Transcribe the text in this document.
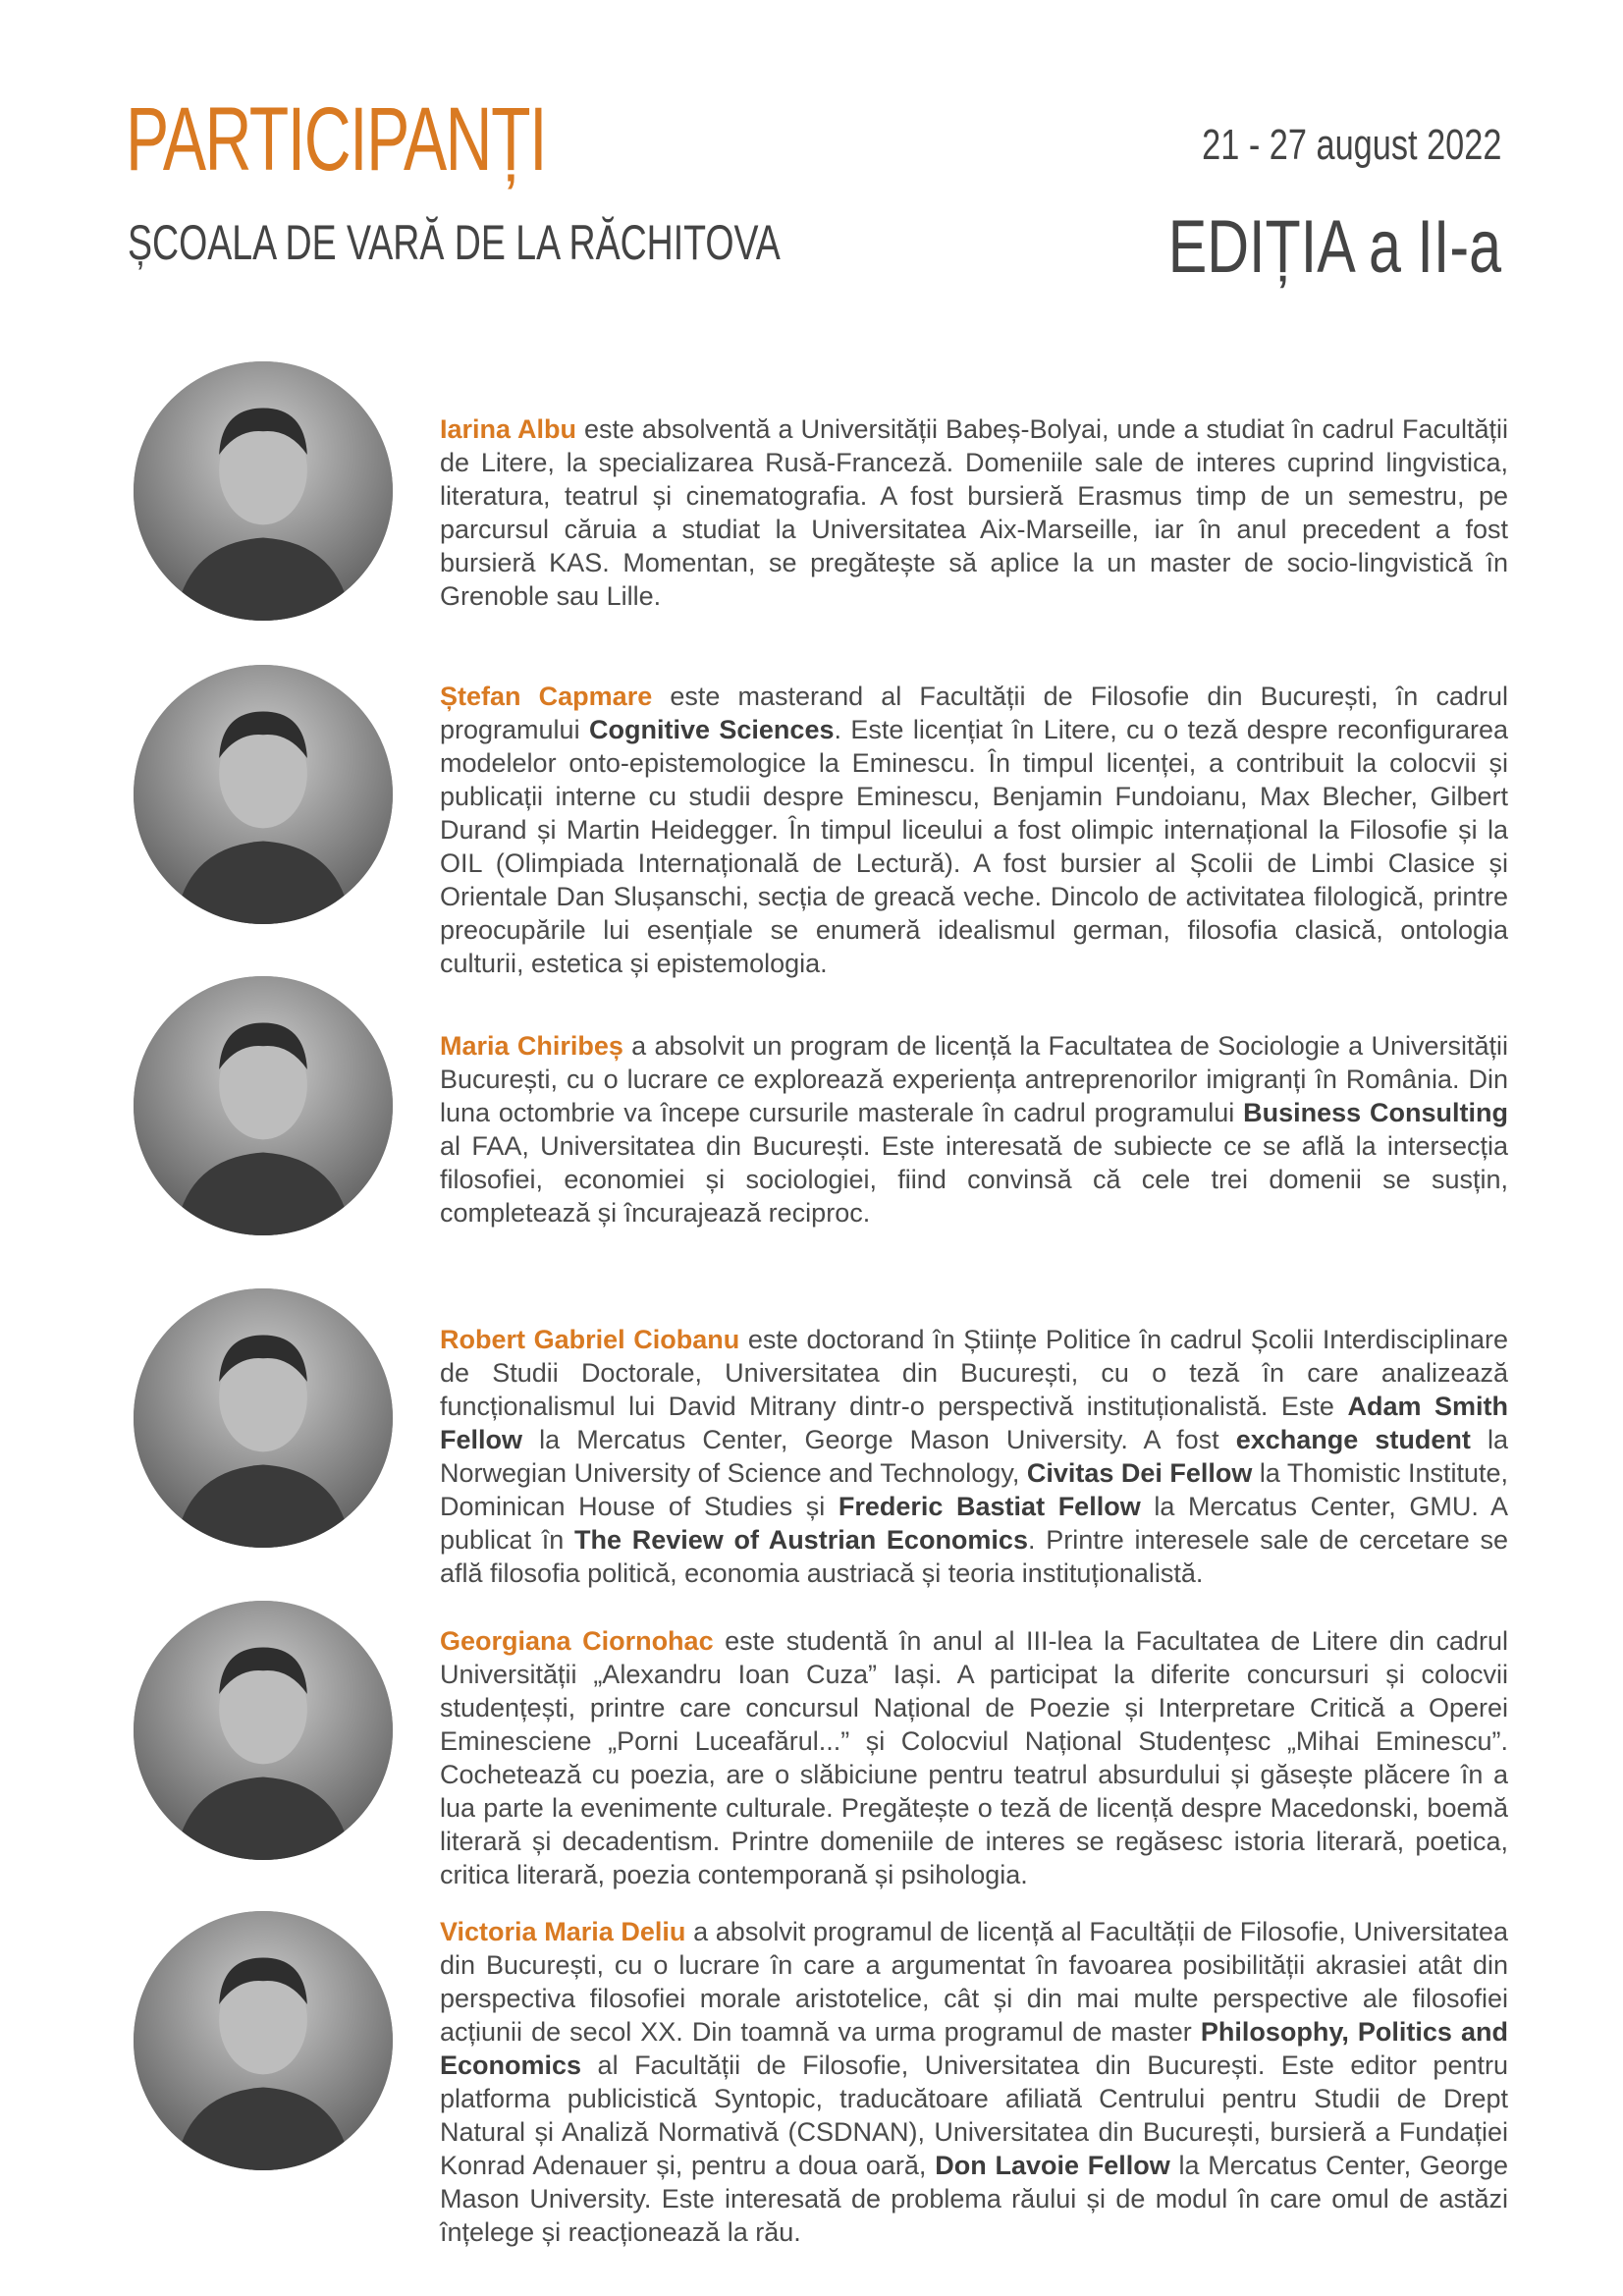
PARTICIPANȚI
ȘCOALA DE VARĂ DE LA RĂCHITOVA
21 - 27 august 2022
EDIȚIA a II-a

Iarina Albu este absolventă a Universității Babeș-Bolyai, unde a studiat în cadrul Facultății de Litere, la specializarea Rusă-Franceză. Domeniile sale de interes cuprind lingvistica, literatura, teatrul și cinematografia. A fost bursieră Erasmus timp de un semestru, pe parcursul căruia a studiat la Universitatea Aix-Marseille, iar în anul precedent a fost bursieră KAS. Momentan, se pregătește să aplice la un master de socio-lingvistică în Grenoble sau Lille.

Ștefan Capmare este masterand al Facultății de Filosofie din București, în cadrul programului Cognitive Sciences. Este licențiat în Litere, cu o teză despre reconfigurarea modelelor onto-epistemologice la Eminescu. În timpul licenței, a contribuit la colocvii și publicații interne cu studii despre Eminescu, Benjamin Fundoianu, Max Blecher, Gilbert Durand și Martin Heidegger. În timpul liceului a fost olimpic internațional la Filosofie și la OIL (Olimpiada Internațională de Lectură). A fost bursier al Școlii de Limbi Clasice și Orientale Dan Slușanschi, secția de greacă veche. Dincolo de activitatea filologică, printre preocupările lui esențiale se enumeră idealismul german, filosofia clasică, ontologia culturii, estetica și epistemologia.

Maria Chiribeș a absolvit un program de licență la Facultatea de Sociologie a Universității București, cu o lucrare ce explorează experiența antreprenorilor imigranți în România. Din luna octombrie va începe cursurile masterale în cadrul programului Business Consulting al FAA, Universitatea din București. Este interesată de subiecte ce se află la intersecția filosofiei, economiei și sociologiei, fiind convinsă că cele trei domenii se susțin, completează și încurajează reciproc.

Robert Gabriel Ciobanu este doctorand în Științe Politice în cadrul Școlii Interdisciplinare de Studii Doctorale, Universitatea din București, cu o teză în care analizează funcționalismul lui David Mitrany dintr-o perspectivă instituționalistă. Este Adam Smith Fellow la Mercatus Center, George Mason University. A fost exchange student la Norwegian University of Science and Technology, Civitas Dei Fellow la Thomistic Institute, Dominican House of Studies și Frederic Bastiat Fellow la Mercatus Center, GMU. A publicat în The Review of Austrian Economics. Printre interesele sale de cercetare se află filosofia politică, economia austriacă și teoria instituționalistă.

Georgiana Ciornohac este studentă în anul al III-lea la Facultatea de Litere din cadrul Universității „Alexandru Ioan Cuza” Iași. A participat la diferite concursuri și colocvii studențești, printre care concursul Național de Poezie și Interpretare Critică a Operei Eminesciene „Porni Luceafărul...” și Colocviul Național Studențesc „Mihai Eminescu”. Cochetează cu poezia, are o slăbiciune pentru teatrul absurdului și găsește plăcere în a lua parte la evenimente culturale. Pregătește o teză de licență despre Macedonski, boemă literară și decadentism. Printre domeniile de interes se regăsesc istoria literară, poetica, critica literară, poezia contemporană și psihologia.

Victoria Maria Deliu a absolvit programul de licență al Facultății de Filosofie, Universitatea din București, cu o lucrare în care a argumentat în favoarea posibilității akrasiei atât din perspectiva filosofiei morale aristotelice, cât și din mai multe perspective ale filosofiei acțiunii de secol XX. Din toamnă va urma programul de master Philosophy, Politics and Economics al Facultății de Filosofie, Universitatea din București. Este editor pentru platforma publicistică Syntopic, traducătoare afiliată Centrului pentru Studii de Drept Natural și Analiză Normativă (CSDNAN), Universitatea din București, bursieră a Fundației Konrad Adenauer și, pentru a doua oară, Don Lavoie Fellow la Mercatus Center, George Mason University. Este interesată de problema răului și de modul în care omul de astăzi înțelege și reacționează la rău.
